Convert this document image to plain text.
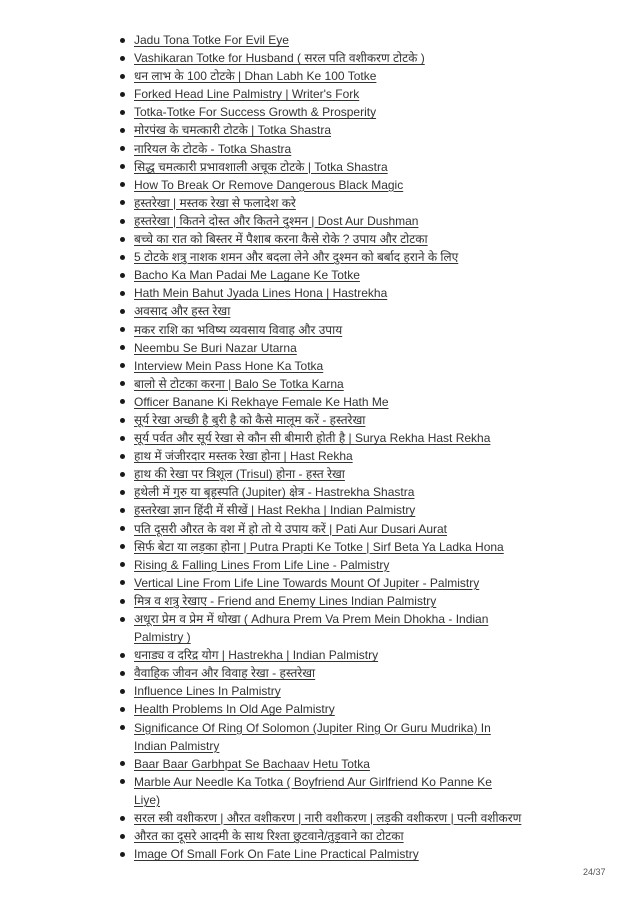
Jadu Tona Totke For Evil Eye
Vashikaran Totke for Husband ( सरल पति वशीकरण टोटके )
धन लाभ के 100 टोटके | Dhan Labh Ke 100 Totke
Forked Head Line Palmistry | Writer's Fork
Totka-Totke For Success Growth & Prosperity
मोरपंख के चमत्कारी टोटके | Totka Shastra
नारियल के टोटके - Totka Shastra
सिद्ध चमत्कारी प्रभावशाली अचूक टोटके | Totka Shastra
How To Break Or Remove Dangerous Black Magic
हस्तरेखा | मस्तक रेखा से फलादेश करे
हस्तरेखा | कितने दोस्त और कितने दुश्मन | Dost Aur Dushman
बच्चे का रात को बिस्तर में पैशाब करना कैसे रोके ? उपाय और टोटका
5 टोटके शत्रु नाशक शमन और बदला लेने और दुश्मन को बर्बाद हराने के लिए
Bacho Ka Man Padai Me Lagane Ke Totke
Hath Mein Bahut Jyada Lines Hona | Hastrekha
अवसाद और हस्त रेखा
मकर राशि का भविष्य व्यवसाय विवाह और उपाय
Neembu Se Buri Nazar Utarna
Interview Mein Pass Hone Ka Totka
बालो से टोटका करना | Balo Se Totka Karna
Officer Banane Ki Rekhaye Female Ke Hath Me
सूर्य रेखा अच्छी है बुरी है को कैसे मालूम करें - हस्तरेखा
सूर्य पर्वत और सूर्य रेखा से कौन सी बीमारी होती है | Surya Rekha Hast Rekha
हाथ में जंजीरदार मस्तक रेखा होना | Hast Rekha
हाथ की रेखा पर त्रिशूल (Trisul) होना - हस्त रेखा
हथेली में गुरु या बृहस्पति (Jupiter) क्षेत्र - Hastrekha Shastra
हस्तरेखा ज्ञान हिंदी में सीखें | Hast Rekha | Indian Palmistry
पति दूसरी औरत के वश में हो तो ये उपाय करें | Pati Aur Dusari Aurat
सिर्फ बेटा या लड़का होना | Putra Prapti Ke Totke | Sirf Beta Ya Ladka Hona
Rising & Falling Lines From Life Line - Palmistry
Vertical Line From Life Line Towards Mount Of Jupiter - Palmistry
मित्र व शत्रु रेखाए - Friend and Enemy Lines Indian Palmistry
अधूरा प्रेम व प्रेम में धोखा ( Adhura Prem Va Prem Mein Dhokha - Indian
Palmistry )
धनाड्य व दरिद्र योग | Hastrekha | Indian Palmistry
वैवाहिक जीवन और विवाह रेखा - हस्तरेखा
Influence Lines In Palmistry
Health Problems In Old Age Palmistry
Significance Of Ring Of Solomon (Jupiter Ring Or Guru Mudrika) In
Indian Palmistry
Baar Baar Garbhpat Se Bachaav Hetu Totka
Marble Aur Needle Ka Totka ( Boyfriend Aur Girlfriend Ko Panne Ke
Liye)
सरल स्त्री वशीकरण | औरत वशीकरण | नारी वशीकरण | लड़की वशीकरण | पत्नी वशीकरण
औरत का दूसरे आदमी के साथ रिश्ता छुटवाने/तुड़वाने का टोटका
Image Of Small Fork On Fate Line Practical Palmistry
24/37
